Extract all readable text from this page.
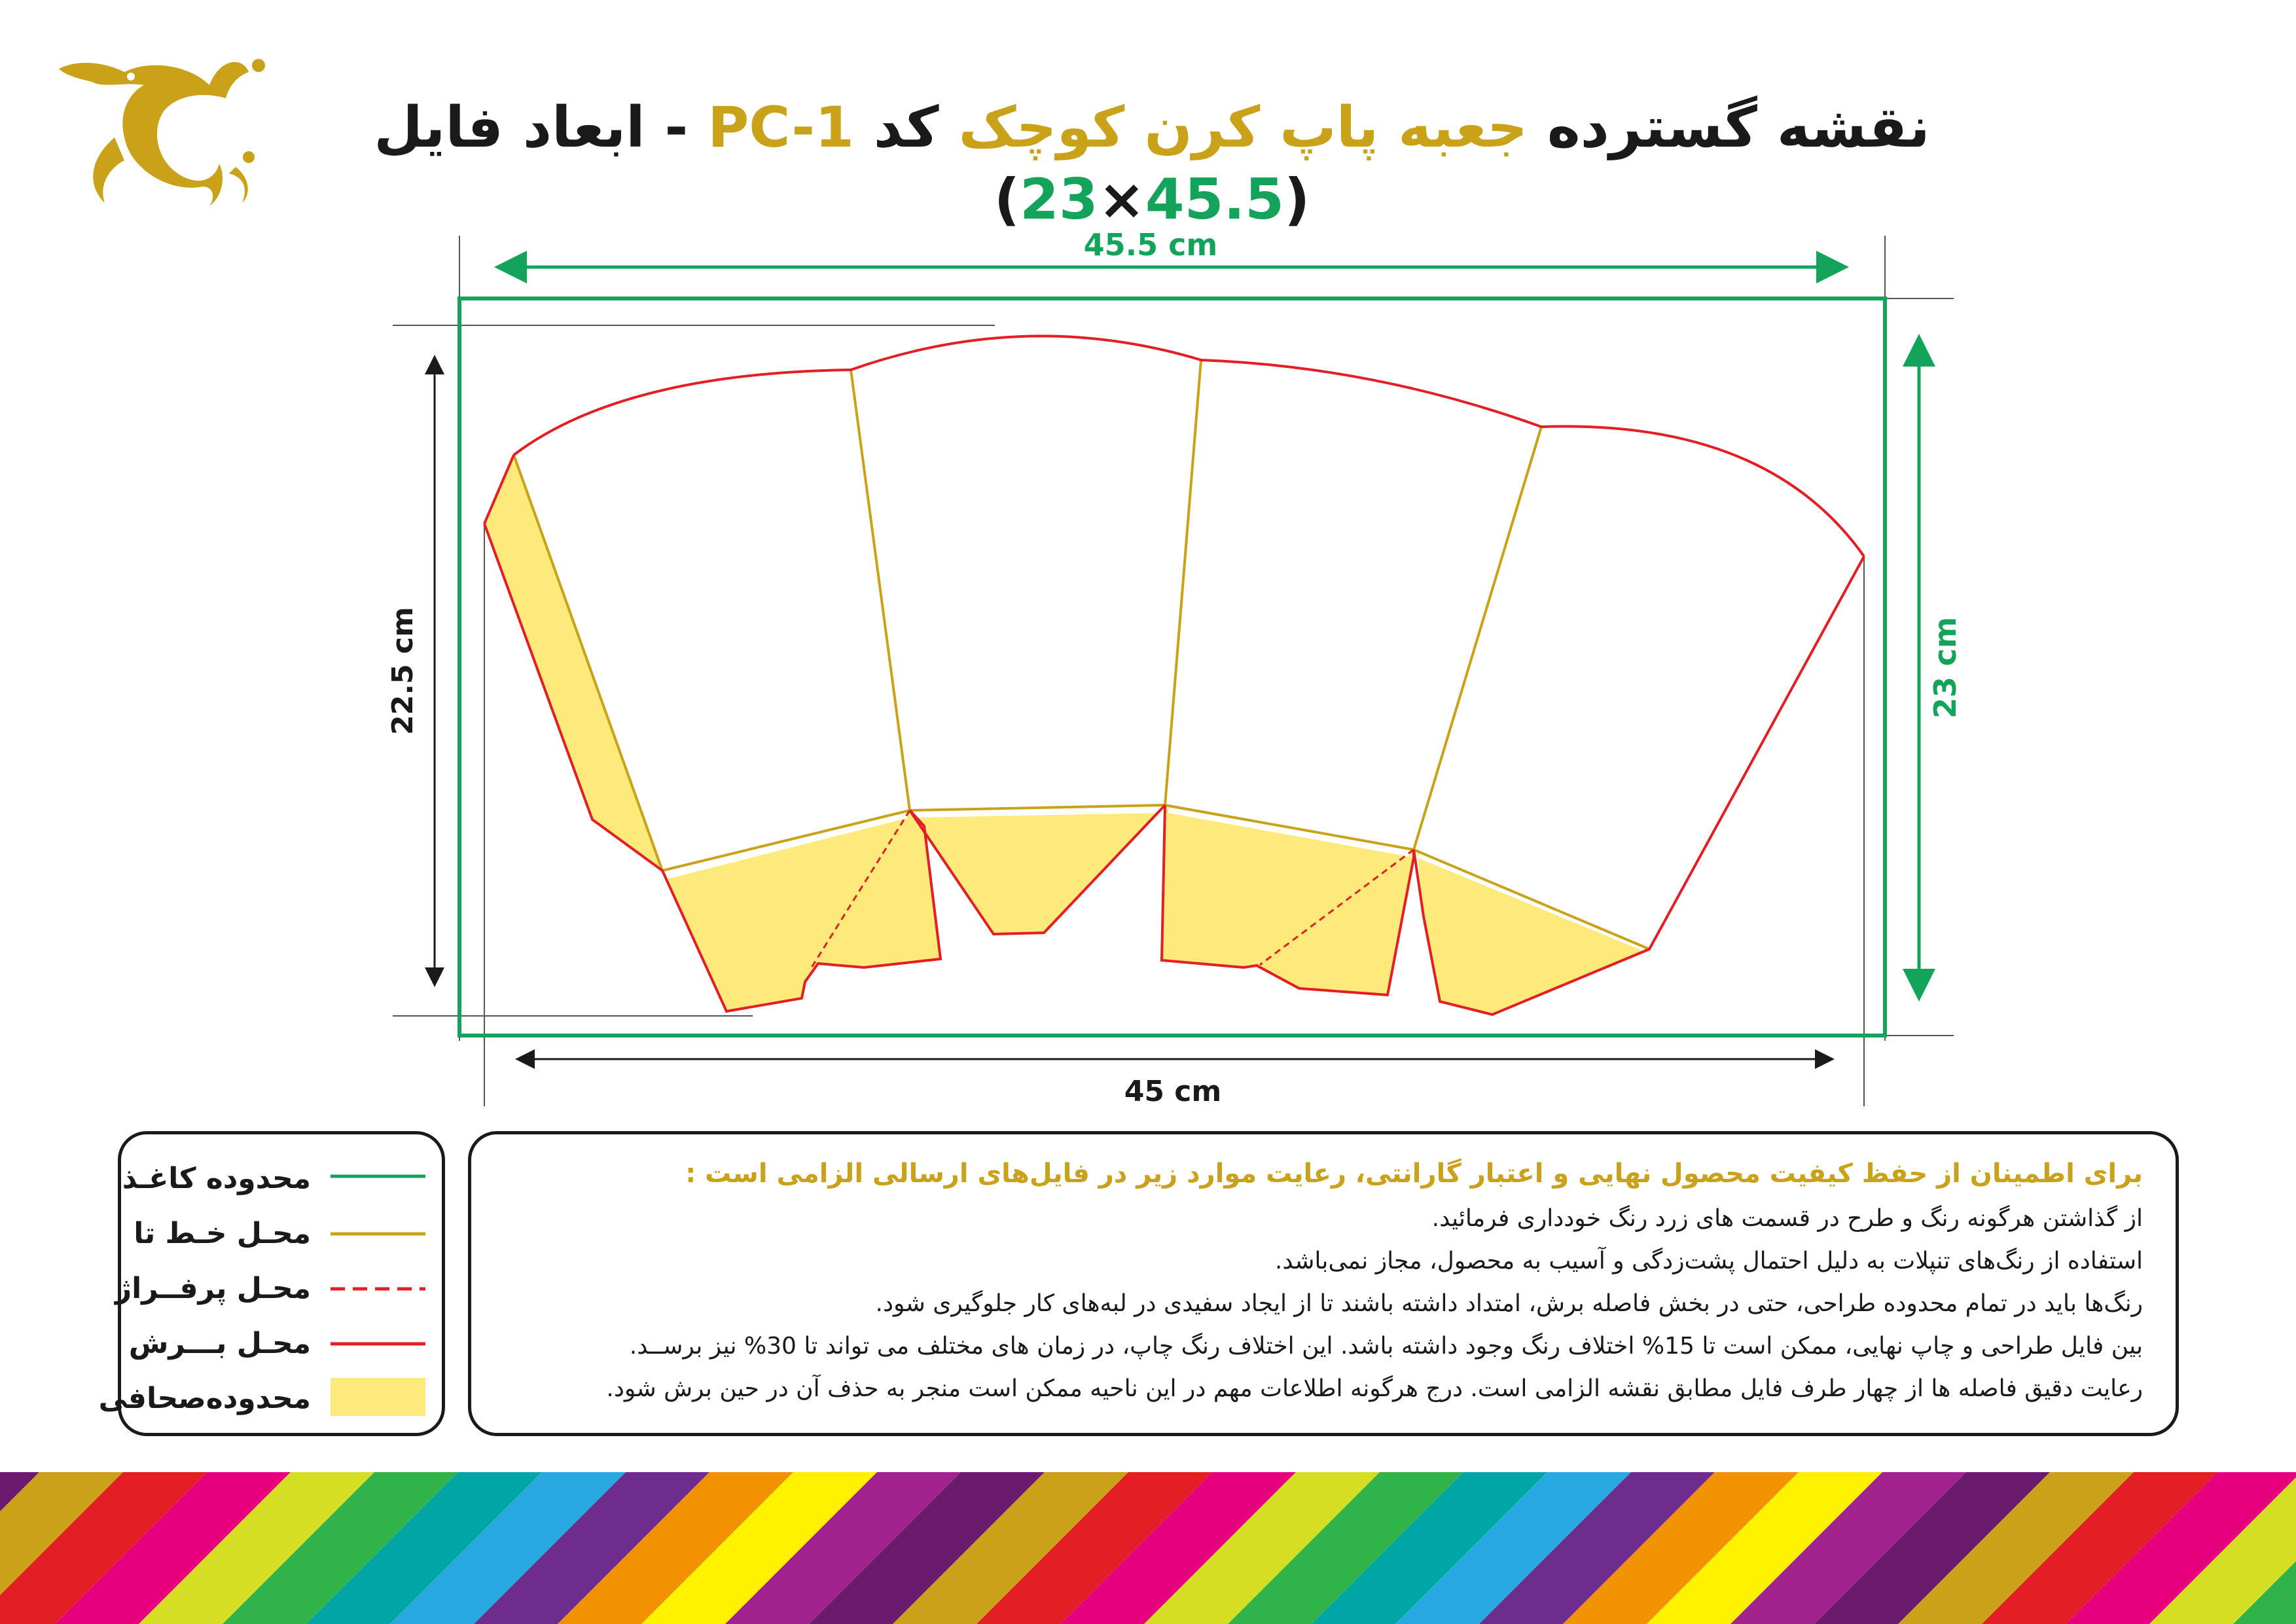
نقشه گسترده جعبه پاپ کرن کوچک کد PC-1 - ابعاد فایل (23×45.5)
45.5 cm
23 cm
45 cm
22.5 cm
محدوده کاغـذ
محـل خـط تا
محـل پرفــراژ
محـل بـــرش
محدوده‌صحافی
برای اطمینان از حفظ کیفیت محصول نهایی و اعتبار گارانتی، رعایت موارد زیر در فایل‌های ارسالی الزامی است :
از گذاشتن هرگونه رنگ و طرح در قسمت های زرد رنگ خودداری فرمائید.
استفاده از رنگ‌های تنپلات به دلیل احتمال پشت‌زدگی و آسیب به محصول، مجاز نمی‌باشد.
رنگ‌ها باید در تمام محدوده طراحی، حتی در بخش فاصله برش، امتداد داشته باشند تا از ایجاد سفیدی در لبه‌های کار جلوگیری شود.
بین فایل طراحی و چاپ نهایی، ممکن است تا 15% اختلاف رنگ وجود داشته باشد. این اختلاف رنگ چاپ، در زمان های مختلف می تواند تا 30% نیز برســد.
رعایت دقیق فاصله ها از چهار طرف فایل مطابق نقشه الزامی است. درج هرگونه اطلاعات مهم در این ناحیه ممکن است منجر به حذف آن در حین برش شود.
